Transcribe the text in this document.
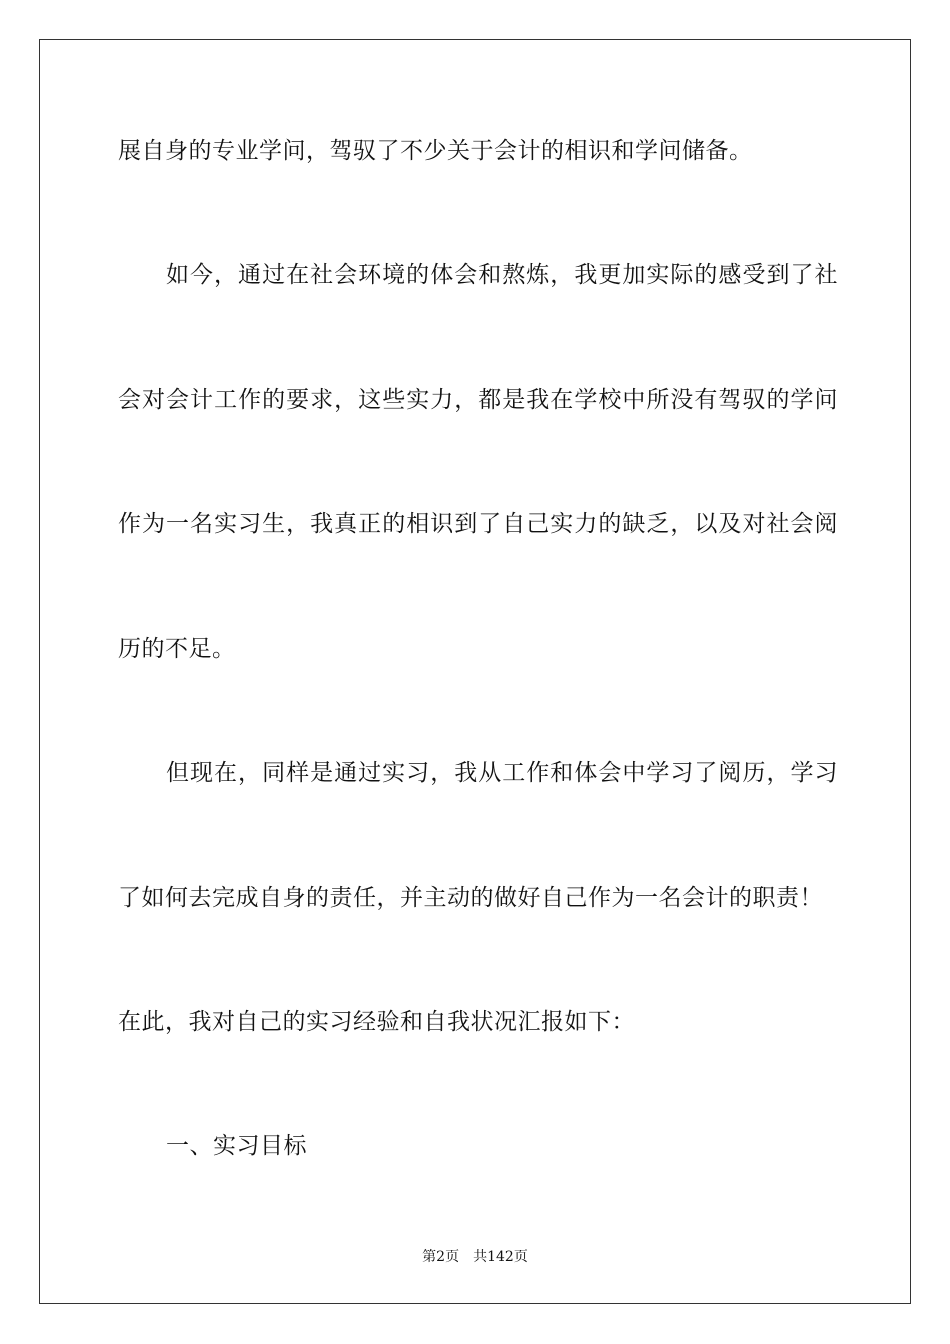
展自身的专业学问，驾驭了不少关于会计的相识和学问储备。
如今，通过在社会环境的体会和熬炼，我更加实际的感受到了社
会对会计工作的要求，这些实力，都是我在学校中所没有驾驭的学问
作为一名实习生，我真正的相识到了自己实力的缺乏，以及对社会阅
历的不足。
但现在，同样是通过实习，我从工作和体会中学习了阅历，学习
了如何去完成自身的责任，并主动的做好自己作为一名会计的职责！
在此，我对自己的实习经验和自我状况汇报如下：
一、实习目标
第2页 共142页
